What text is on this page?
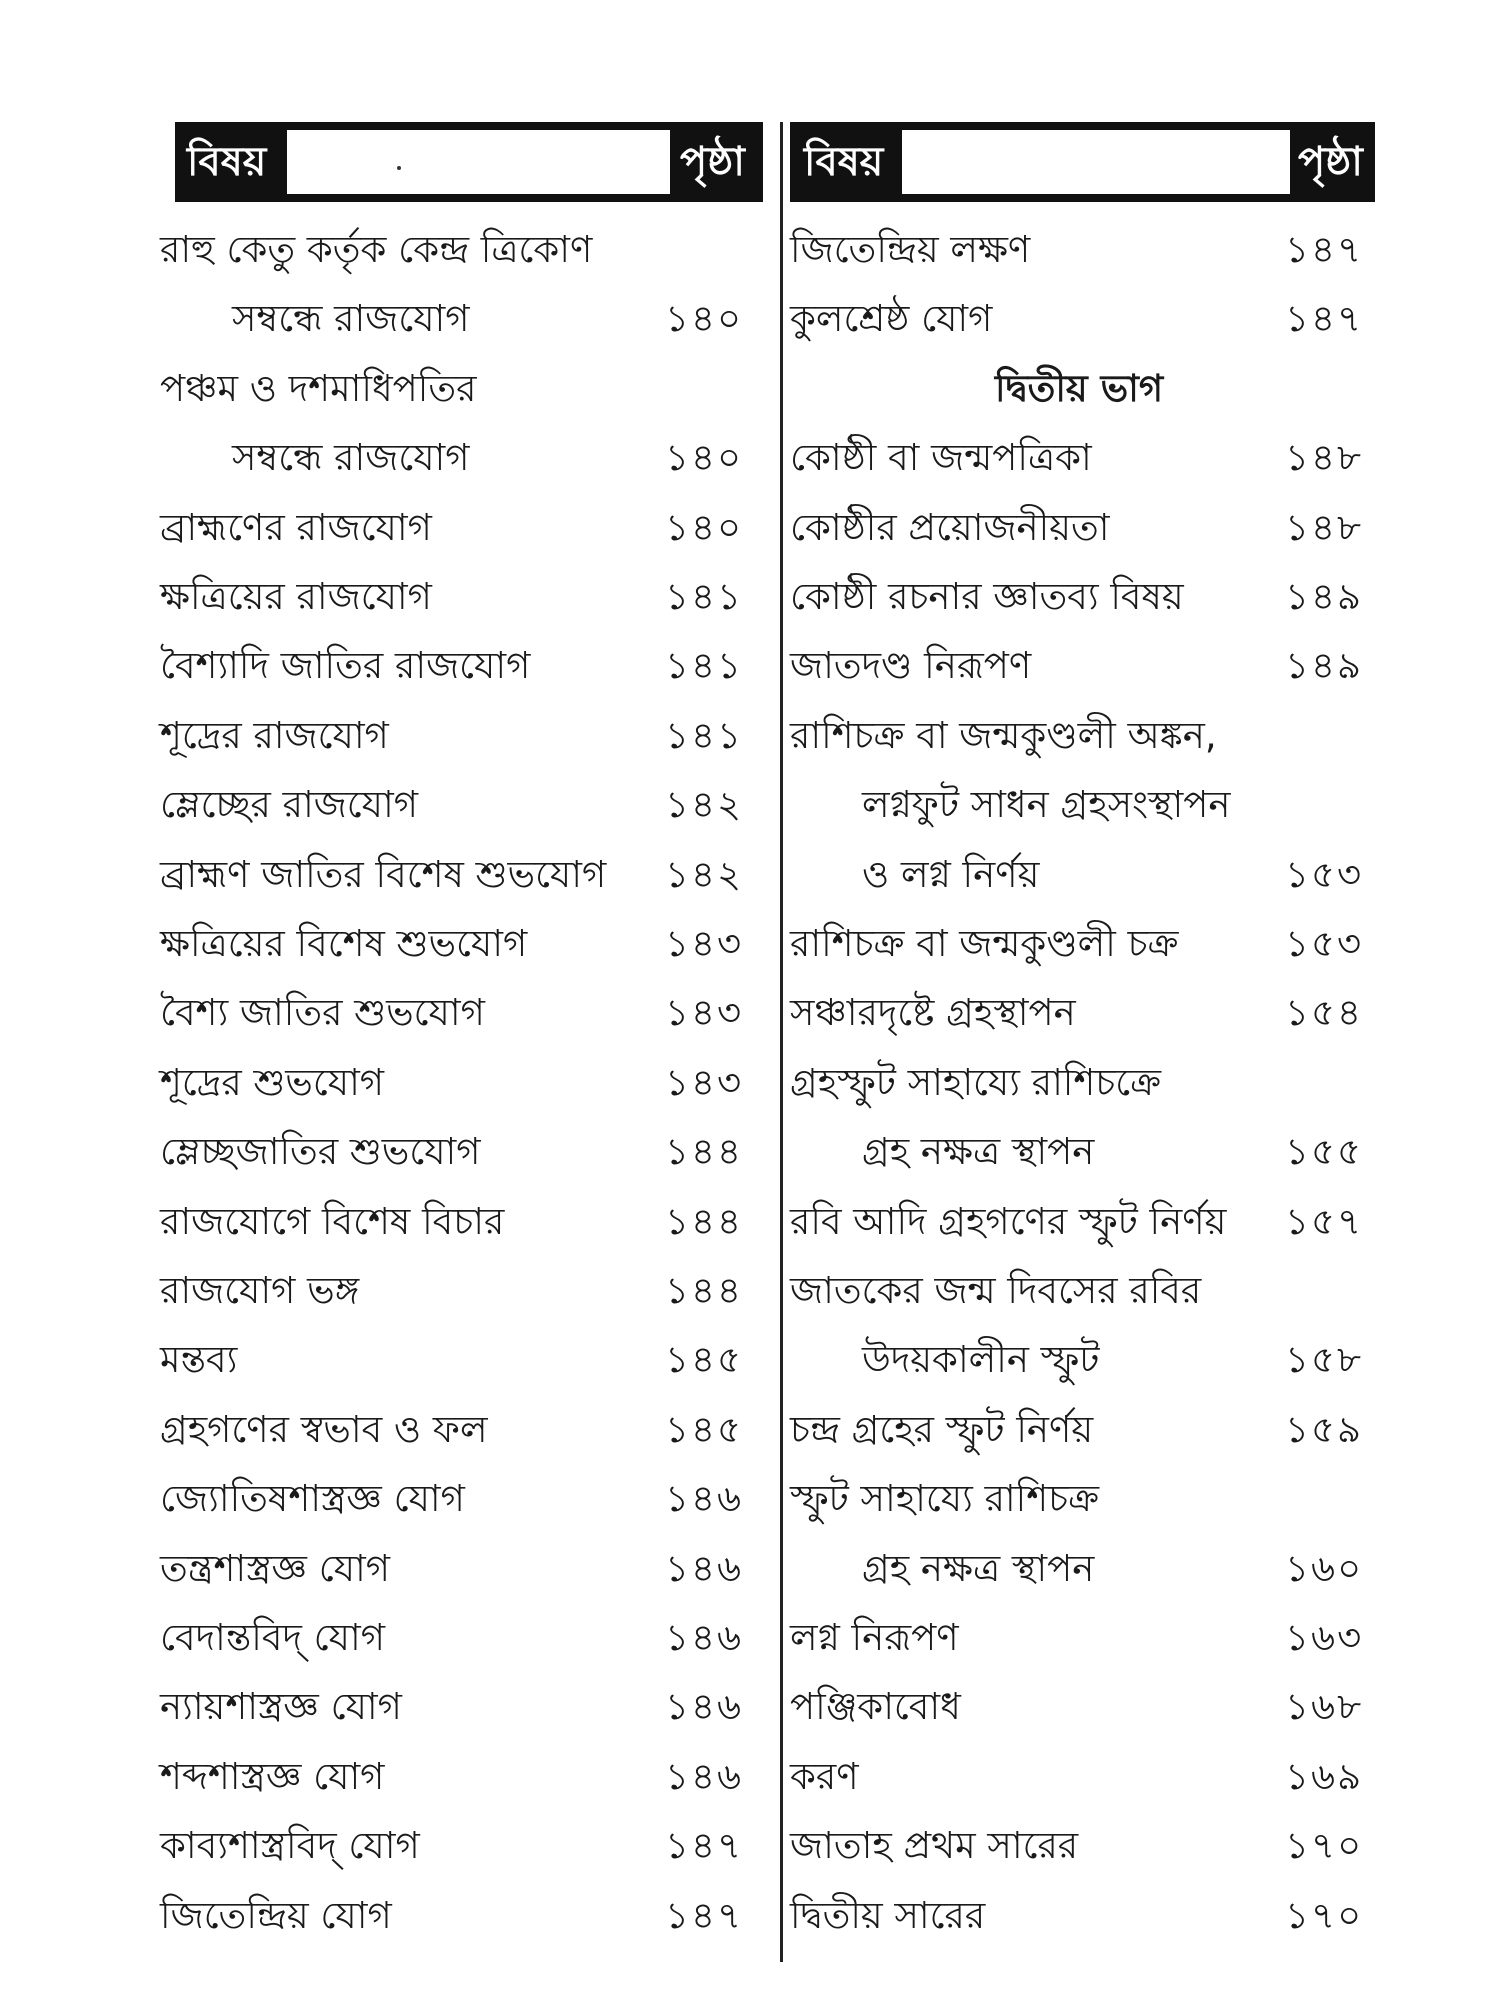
বিষয়	পৃষ্ঠা বিষয়	পৃষ্ঠা
রাহু কেতু কর্তৃক কেন্দ্র ত্রিকোণ
সম্বন্ধে রাজযোগ	১৪০
পঞ্চম ও দশমাধিপতির
সম্বন্ধে রাজযোগ	১৪০
ব্রাহ্মণের রাজযোগ	১৪০
ক্ষত্রিয়ের রাজযোগ	১৪১
বৈশ্যাদি জাতির রাজযোগ	১৪১
শূদ্রের রাজযোগ	১৪১
ম্লেচ্ছের রাজযোগ	১৪২
ব্রাহ্মণ জাতির বিশেষ শুভযোগ ১৪২
ক্ষত্রিয়ের বিশেষ শুভযোগ	১৪৩
বৈশ্য জাতির শুভযোগ	১৪৩
শূদ্রের শুভযোগ	১৪৩
ম্লেচ্ছজাতির শুভযোগ	১৪৪
রাজযোগে বিশেষ বিচার	১৪৪
রাজযোগ ভঙ্গ	১৪৪
মন্তব্য	১৪৫
গ্রহগণের স্বভাব ও ফল	১৪৫
জ্যোতিষশাস্ত্রজ্ঞ যোগ	১৪৬
তন্ত্রশাস্ত্রজ্ঞ যোগ	১৪৬
বেদান্তবিদ্ যোগ	১৪৬
ন্যায়শাস্ত্রজ্ঞ যোগ	১৪৬
শব্দশাস্ত্রজ্ঞ যোগ	১৪৬
কাব্যশাস্ত্রবিদ্ যোগ	১৪৭
জিতেন্দ্রিয় যোগ	১৪৭
জিতেন্দ্রিয় লক্ষণ	১৪৭
কুলশ্রেষ্ঠ যোগ	১৪৭
দ্বিতীয় ভাগ
কোষ্ঠী বা জন্মপত্রিকা	১৪৮
কোষ্ঠীর প্রয়োজনীয়তা	১৪৮
কোষ্ঠী রচনার জ্ঞাতব্য বিষয়	১৪৯
জাতদণ্ড নিরূপণ	১৪৯
রাশিচক্র বা জন্মকুণ্ডলী অঙ্কন,
লগ্নফুট সাধন গ্রহসংস্থাপন
ও লগ্ন নির্ণয়	১৫৩
রাশিচক্র বা জন্মকুণ্ডলী চক্র	১৫৩
সঞ্চারদৃষ্টে গ্রহস্থাপন	১৫৪
গ্রহস্ফুট সাহায্যে রাশিচক্রে
গ্রহ নক্ষত্র স্থাপন	১৫৫
রবি আদি গ্রহগণের স্ফুট নির্ণয় ১৫৭
জাতকের জন্ম দিবসের রবির
উদয়কালীন স্ফুট	১৫৮
চন্দ্র গ্রহের স্ফুট নির্ণয়	১৫৯
স্ফুট সাহায্যে রাশিচক্র
গ্রহ নক্ষত্র স্থাপন	১৬০
লগ্ন নিরূপণ	১৬৩
পঞ্জিকাবোধ	১৬৮
করণ	১৬৯
জাতাহ প্রথম সারের	১৭০
দ্বিতীয় সারের	১৭০
